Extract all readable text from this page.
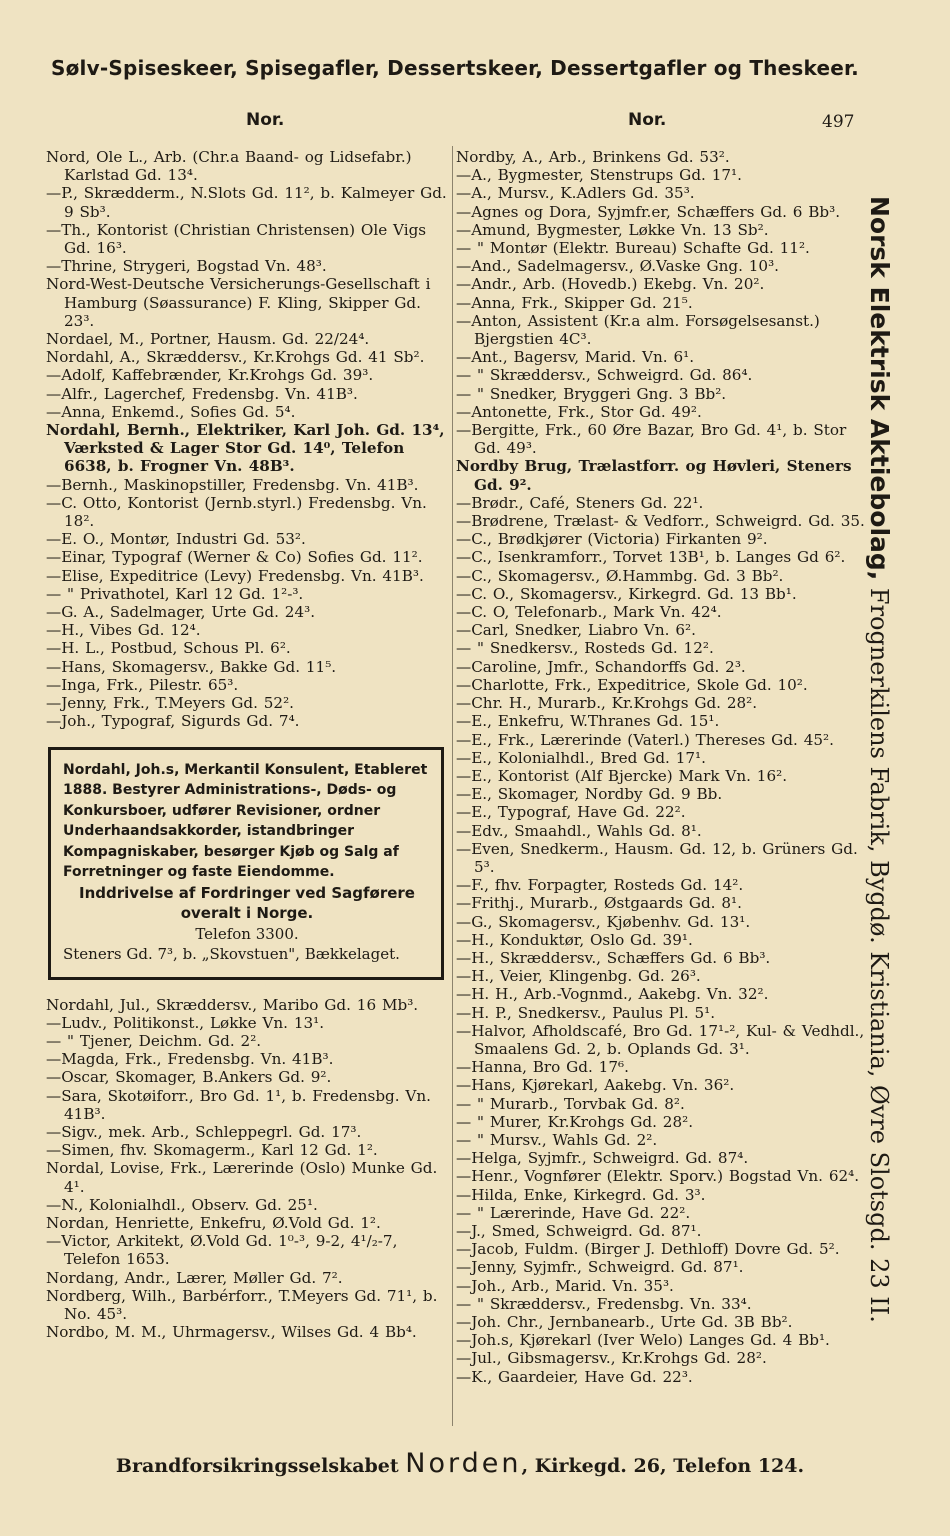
Sølv-Spiseskeer, Spisegafler, Dessertskeer, Dessertgafler og Theskeer.
Nor.	Nor.	497
Nord, Ole L., Arb. (Chr.a Baand- og Lidsefabr.) Karlstad Gd. 13⁴.
—P., Skrædderm., N.Slots Gd. 11², b. Kalmeyer Gd. 9 Sb³.
—Th., Kontorist (Christian Christensen) Ole Vigs Gd. 16³.
—Thrine, Strygeri, Bogstad Vn. 48³.
Nord-West-Deutsche Versicherungs-Gesellschaft i Hamburg (Søassurance) F. Kling, Skipper Gd. 23³.
Nordael, M., Portner, Hausm. Gd. 22/24⁴.
Nordahl, A., Skræddersv., Kr.Krohgs Gd. 41 Sb².
—Adolf, Kaffebrænder, Kr.Krohgs Gd. 39³.
—Alfr., Lagerchef, Fredensbg. Vn. 41B³.
—Anna, Enkemd., Sofies Gd. 5⁴.
Nordahl, Bernh., Elektriker, Karl Joh. Gd. 13⁴, Værksted & Lager Stor Gd. 14⁰, Telefon 6638, b. Frogner Vn. 48B³.
—Bernh., Maskinopstiller, Fredensbg. Vn. 41B³.
—C. Otto, Kontorist (Jernb.styrl.) Fredensbg. Vn. 18².
—E. O., Montør, Industri Gd. 53².
—Einar, Typograf (Werner & Co) Sofies Gd. 11².
—Elise, Expeditrice (Levy) Fredensbg. Vn. 41B³.
— " Privathotel, Karl 12 Gd. 1²-³.
—G. A., Sadelmager, Urte Gd. 24³.
—H., Vibes Gd. 12⁴.
—H. L., Postbud, Schous Pl. 6².
—Hans, Skomagersv., Bakke Gd. 11⁵.
—Inga, Frk., Pilestr. 65³.
—Jenny, Frk., T.Meyers Gd. 52².
—Joh., Typograf, Sigurds Gd. 7⁴.
Nordahl, Joh.s, Merkantil Konsulent, Etableret 1888. Bestyrer Administrations-, Døds- og Konkursboer, udfører Revisioner, ordner Underhaandsakkorder, istandbringer Kompagniskaber, besørger Kjøb og Salg af Forretninger og faste Eiendomme.
Inddrivelse af Fordringer ved Sagførere overalt i Norge.
Telefon 3300.
Steners Gd. 7³, b. „Skovstuen", Bækkelaget.
Nordahl, Jul., Skræddersv., Maribo Gd. 16 Mb³.
—Ludv., Politikonst., Løkke Vn. 13¹.
— " Tjener, Deichm. Gd. 2².
—Magda, Frk., Fredensbg. Vn. 41B³.
—Oscar, Skomager, B.Ankers Gd. 9².
—Sara, Skotøiforr., Bro Gd. 1¹, b. Fredensbg. Vn. 41B³.
—Sigv., mek. Arb., Schleppegrl. Gd. 17³.
—Simen, fhv. Skomagerm., Karl 12 Gd. 1².
Nordal, Lovise, Frk., Lærerinde (Oslo) Munke Gd. 4¹.
—N., Kolonialhdl., Observ. Gd. 25¹.
Nordan, Henriette, Enkefru, Ø.Vold Gd. 1².
—Victor, Arkitekt, Ø.Vold Gd. 1⁰-³, 9-2, 4¹/₂-7, Telefon 1653.
Nordang, Andr., Lærer, Møller Gd. 7².
Nordberg, Wilh., Barbérforr., T.Meyers Gd. 71¹, b. No. 45³.
Nordbo, M. M., Uhrmagersv., Wilses Gd. 4 Bb⁴.
Nordby, A., Arb., Brinkens Gd. 53².
—A., Bygmester, Stenstrups Gd. 17¹.
—A., Mursv., K.Adlers Gd. 35³.
—Agnes og Dora, Syjmfr.er, Schæffers Gd. 6 Bb³.
—Amund, Bygmester, Løkke Vn. 13 Sb².
— " Montør (Elektr. Bureau) Schafte Gd. 11².
—And., Sadelmagersv., Ø.Vaske Gng. 10³.
—Andr., Arb. (Hovedb.) Ekebg. Vn. 20².
—Anna, Frk., Skipper Gd. 21⁵.
—Anton, Assistent (Kr.a alm. Forsøgelsesanst.) Bjergstien 4C³.
—Ant., Bagersv, Marid. Vn. 6¹.
— " Skræddersv., Schweigrd. Gd. 86⁴.
— " Snedker, Bryggeri Gng. 3 Bb².
—Antonette, Frk., Stor Gd. 49².
—Bergitte, Frk., 60 Øre Bazar, Bro Gd. 4¹, b. Stor Gd. 49³.
Nordby Brug, Trælastforr. og Høvleri, Steners Gd. 9².
—Brødr., Café, Steners Gd. 22¹.
—Brødrene, Trælast- & Vedforr., Schweigrd. Gd. 35.
—C., Brødkjører (Victoria) Firkanten 9².
—C., Isenkramforr., Torvet 13B¹, b. Langes Gd 6².
—C., Skomagersv., Ø.Hammbg. Gd. 3 Bb².
—C. O., Skomagersv., Kirkegrd. Gd. 13 Bb¹.
—C. O, Telefonarb., Mark Vn. 42⁴.
—Carl, Snedker, Liabro Vn. 6².
— " Snedkersv., Rosteds Gd. 12².
—Caroline, Jmfr., Schandorffs Gd. 2³.
—Charlotte, Frk., Expeditrice, Skole Gd. 10².
—Chr. H., Murarb., Kr.Krohgs Gd. 28².
—E., Enkefru, W.Thranes Gd. 15¹.
—E., Frk., Lærerinde (Vaterl.) Thereses Gd. 45².
—E., Kolonialhdl., Bred Gd. 17¹.
—E., Kontorist (Alf Bjercke) Mark Vn. 16².
—E., Skomager, Nordby Gd. 9 Bb.
—E., Typograf, Have Gd. 22².
—Edv., Smaahdl., Wahls Gd. 8¹.
—Even, Snedkerm., Hausm. Gd. 12, b. Grüners Gd. 5³.
—F., fhv. Forpagter, Rosteds Gd. 14².
—Frithj., Murarb., Østgaards Gd. 8¹.
—G., Skomagersv., Kjøbenhv. Gd. 13¹.
—H., Konduktør, Oslo Gd. 39¹.
—H., Skræddersv., Schæffers Gd. 6 Bb³.
—H., Veier, Klingenbg. Gd. 26³.
—H. H., Arb.-Vognmd., Aakebg. Vn. 32².
—H. P., Snedkersv., Paulus Pl. 5¹.
—Halvor, Afholdscafé, Bro Gd. 17¹-², Kul- & Vedhdl., Smaalens Gd. 2, b. Oplands Gd. 3¹.
—Hanna, Bro Gd. 17⁶.
—Hans, Kjørekarl, Aakebg. Vn. 36².
— " Murarb., Torvbak Gd. 8².
— " Murer, Kr.Krohgs Gd. 28².
— " Mursv., Wahls Gd. 2².
—Helga, Syjmfr., Schweigrd. Gd. 87⁴.
—Henr., Vognfører (Elektr. Sporv.) Bogstad Vn. 62⁴.
—Hilda, Enke, Kirkegrd. Gd. 3³.
— " Lærerinde, Have Gd. 22².
—J., Smed, Schweigrd. Gd. 87¹.
—Jacob, Fuldm. (Birger J. Dethloff) Dovre Gd. 5².
—Jenny, Syjmfr., Schweigrd. Gd. 87¹.
—Joh., Arb., Marid. Vn. 35³.
— " Skræddersv., Fredensbg. Vn. 33⁴.
—Joh. Chr., Jernbanearb., Urte Gd. 3B Bb².
—Joh.s, Kjørekarl (Iver Welo) Langes Gd. 4 Bb¹.
—Jul., Gibsmagersv., Kr.Krohgs Gd. 28².
—K., Gaardeier, Have Gd. 22³.
Norsk Elektrisk Aktiebolag, Frognerkilens Fabrik, Bygdø. Kristiania, Øvre Slotsgd. 23 II.
Brandforsikringsselskabet Norden, Kirkegd. 26, Telefon 124.
